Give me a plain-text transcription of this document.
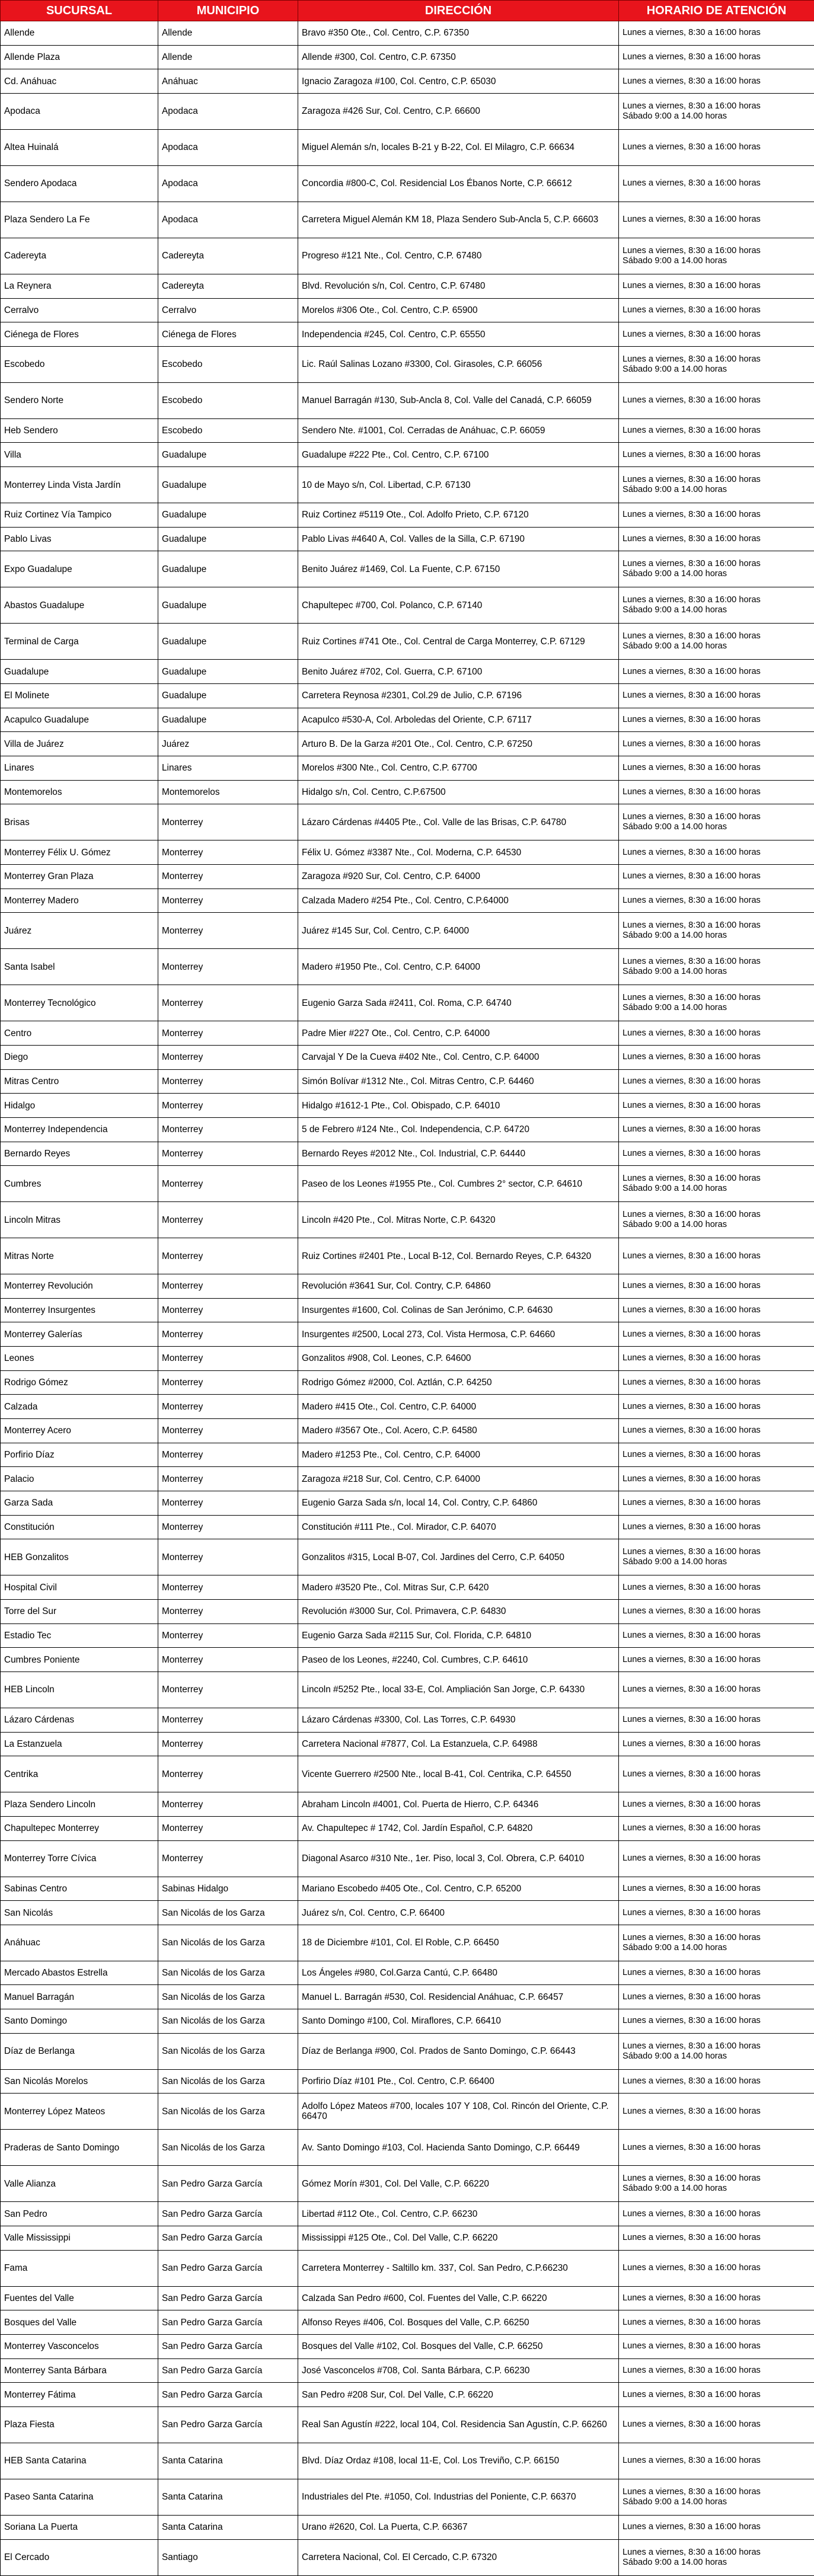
SUCURSAL	MUNICIPIO	DIRECCIÓN	HORARIO DE ATENCIÓN
Allende	Allende	Bravo #350 Ote., Col. Centro, C.P. 67350	Lunes a viernes, 8:30 a 16:00 horas

Allende Plaza	Allende	Allende #300, Col. Centro, C.P. 67350	Lunes a viernes, 8:30 a 16:00 horas

Cd. Anáhuac	Anáhuac	Ignacio Zaragoza #100, Col. Centro, C.P. 65030	Lunes a viernes, 8:30 a 16:00 horas

Apodaca	Apodaca	Zaragoza #426 Sur, Col. Centro, C.P. 66600	Lunes a viernes, 8:30 a 16:00 horas
Sábado 9:00 a 14.00 horas

Altea Huinalá	Apodaca	Miguel Alemán s/n, locales B-21 y B-22, Col. El Milagro, C.P. 66634	Lunes a viernes, 8:30 a 16:00 horas

Sendero Apodaca	Apodaca	Concordia #800-C, Col. Residencial Los Ébanos Norte, C.P. 66612	Lunes a viernes, 8:30 a 16:00 horas

Plaza Sendero La Fe	Apodaca	Carretera Miguel Alemán KM 18, Plaza Sendero Sub-Ancla 5, C.P. 66603	Lunes a viernes, 8:30 a 16:00 horas

Cadereyta	Cadereyta	Progreso #121 Nte., Col. Centro, C.P. 67480	Lunes a viernes, 8:30 a 16:00 horas
Sábado 9:00 a 14.00 horas

La Reynera	Cadereyta	Blvd. Revolución s/n, Col. Centro, C.P. 67480	Lunes a viernes, 8:30 a 16:00 horas

Cerralvo	Cerralvo	Morelos #306 Ote., Col. Centro, C.P. 65900	Lunes a viernes, 8:30 a 16:00 horas

Ciénega de Flores	Ciénega de Flores	Independencia #245, Col. Centro, C.P. 65550	Lunes a viernes, 8:30 a 16:00 horas

Escobedo	Escobedo	Lic. Raúl Salinas Lozano #3300, Col. Girasoles, C.P. 66056	Lunes a viernes, 8:30 a 16:00 horas
Sábado 9:00 a 14.00 horas

Sendero Norte	Escobedo	Manuel Barragán #130, Sub-Ancla 8, Col. Valle del Canadá, C.P. 66059	Lunes a viernes, 8:30 a 16:00 horas

Heb Sendero	Escobedo	Sendero Nte. #1001, Col. Cerradas de Anáhuac, C.P. 66059	Lunes a viernes, 8:30 a 16:00 horas

Villa	Guadalupe	Guadalupe #222 Pte., Col. Centro, C.P. 67100	Lunes a viernes, 8:30 a 16:00 horas

Monterrey Linda Vista Jardín	Guadalupe	10 de Mayo s/n, Col. Libertad, C.P. 67130	Lunes a viernes, 8:30 a 16:00 horas
Sábado 9:00 a 14.00 horas

Ruiz Cortinez Vía Tampico	Guadalupe	Ruiz Cortinez #5119 Ote., Col. Adolfo Prieto, C.P. 67120	Lunes a viernes, 8:30 a 16:00 horas

Pablo Livas	Guadalupe	Pablo Livas #4640 A, Col. Valles de la Silla, C.P. 67190	Lunes a viernes, 8:30 a 16:00 horas

Expo Guadalupe	Guadalupe	Benito Juárez #1469, Col. La Fuente, C.P. 67150	Lunes a viernes, 8:30 a 16:00 horas
Sábado 9:00 a 14.00 horas

Abastos Guadalupe	Guadalupe	Chapultepec #700, Col. Polanco, C.P. 67140	Lunes a viernes, 8:30 a 16:00 horas
Sábado 9:00 a 14.00 horas

Terminal de Carga	Guadalupe	Ruiz Cortines #741 Ote., Col. Central de Carga Monterrey, C.P. 67129	Lunes a viernes, 8:30 a 16:00 horas
Sábado 9:00 a 14.00 horas

Guadalupe	Guadalupe	Benito Juárez #702, Col. Guerra, C.P. 67100	Lunes a viernes, 8:30 a 16:00 horas

El Molinete	Guadalupe	Carretera Reynosa #2301, Col.29 de Julio, C.P. 67196	Lunes a viernes, 8:30 a 16:00 horas

Acapulco Guadalupe	Guadalupe	Acapulco #530-A, Col. Arboledas del Oriente, C.P. 67117	Lunes a viernes, 8:30 a 16:00 horas

Villa de Juárez	Juárez	Arturo B. De la Garza #201 Ote., Col. Centro, C.P. 67250	Lunes a viernes, 8:30 a 16:00 horas

Linares	Linares	Morelos #300 Nte., Col. Centro, C.P. 67700	Lunes a viernes, 8:30 a 16:00 horas

Montemorelos	Montemorelos	Hidalgo s/n, Col. Centro, C.P.67500	Lunes a viernes, 8:30 a 16:00 horas

Brisas	Monterrey	Lázaro Cárdenas #4405 Pte., Col. Valle de las Brisas, C.P. 64780	Lunes a viernes, 8:30 a 16:00 horas
Sábado 9:00 a 14.00 horas

Monterrey Félix U. Gómez	Monterrey	Félix U. Gómez #3387 Nte., Col. Moderna, C.P. 64530	Lunes a viernes, 8:30 a 16:00 horas

Monterrey Gran Plaza	Monterrey	Zaragoza #920 Sur, Col. Centro, C.P. 64000	Lunes a viernes, 8:30 a 16:00 horas

Monterrey Madero	Monterrey	Calzada Madero #254 Pte., Col. Centro, C.P.64000	Lunes a viernes, 8:30 a 16:00 horas

Juárez	Monterrey	Juárez #145 Sur, Col. Centro, C.P. 64000	Lunes a viernes, 8:30 a 16:00 horas
Sábado 9:00 a 14.00 horas

Santa Isabel	Monterrey	Madero #1950 Pte., Col. Centro, C.P. 64000	Lunes a viernes, 8:30 a 16:00 horas
Sábado 9:00 a 14.00 horas

Monterrey Tecnológico	Monterrey	Eugenio Garza Sada #2411, Col. Roma, C.P. 64740	Lunes a viernes, 8:30 a 16:00 horas
Sábado 9:00 a 14.00 horas

Centro	Monterrey	Padre Mier #227 Ote., Col. Centro, C.P. 64000	Lunes a viernes, 8:30 a 16:00 horas

Diego	Monterrey	Carvajal Y De la Cueva #402 Nte., Col. Centro, C.P. 64000	Lunes a viernes, 8:30 a 16:00 horas

Mitras Centro	Monterrey	Simón Bolívar #1312 Nte., Col. Mitras Centro, C.P. 64460	Lunes a viernes, 8:30 a 16:00 horas

Hidalgo	Monterrey	Hidalgo #1612-1 Pte., Col. Obispado, C.P. 64010	Lunes a viernes, 8:30 a 16:00 horas

Monterrey Independencia	Monterrey	5 de Febrero #124 Nte., Col. Independencia, C.P. 64720	Lunes a viernes, 8:30 a 16:00 horas

Bernardo Reyes	Monterrey	Bernardo Reyes #2012 Nte., Col. Industrial, C.P. 64440	Lunes a viernes, 8:30 a 16:00 horas

Cumbres	Monterrey	Paseo de los Leones #1955 Pte., Col. Cumbres 2° sector, C.P. 64610	Lunes a viernes, 8:30 a 16:00 horas
Sábado 9:00 a 14.00 horas

Lincoln Mitras	Monterrey	Lincoln #420 Pte., Col. Mitras Norte, C.P. 64320	Lunes a viernes, 8:30 a 16:00 horas
Sábado 9:00 a 14.00 horas

Mitras Norte	Monterrey	Ruiz Cortines #2401 Pte., Local B-12, Col. Bernardo Reyes, C.P. 64320	Lunes a viernes, 8:30 a 16:00 horas

Monterrey Revolución	Monterrey	Revolución #3641 Sur, Col. Contry, C.P. 64860	Lunes a viernes, 8:30 a 16:00 horas

Monterrey Insurgentes	Monterrey	Insurgentes #1600, Col. Colinas de San Jerónimo, C.P. 64630	Lunes a viernes, 8:30 a 16:00 horas

Monterrey Galerías	Monterrey	Insurgentes #2500, Local 273, Col. Vista Hermosa, C.P. 64660	Lunes a viernes, 8:30 a 16:00 horas

Leones	Monterrey	Gonzalitos #908, Col. Leones, C.P. 64600	Lunes a viernes, 8:30 a 16:00 horas

Rodrigo Gómez	Monterrey	Rodrigo Gómez #2000, Col. Aztlán, C.P. 64250	Lunes a viernes, 8:30 a 16:00 horas

Calzada	Monterrey	Madero #415 Ote., Col. Centro, C.P. 64000	Lunes a viernes, 8:30 a 16:00 horas

Monterrey Acero	Monterrey	Madero #3567 Ote., Col. Acero, C.P. 64580	Lunes a viernes, 8:30 a 16:00 horas

Porfirio Díaz	Monterrey	Madero #1253 Pte., Col. Centro, C.P. 64000	Lunes a viernes, 8:30 a 16:00 horas

Palacio	Monterrey	Zaragoza #218 Sur, Col. Centro, C.P. 64000	Lunes a viernes, 8:30 a 16:00 horas

Garza Sada	Monterrey	Eugenio Garza Sada s/n, local 14, Col. Contry, C.P. 64860	Lunes a viernes, 8:30 a 16:00 horas

Constitución	Monterrey	Constitución #111 Pte., Col. Mirador, C.P. 64070	Lunes a viernes, 8:30 a 16:00 horas

HEB Gonzalitos	Monterrey	Gonzalitos #315, Local B-07, Col. Jardines del Cerro, C.P. 64050	Lunes a viernes, 8:30 a 16:00 horas
Sábado 9:00 a 14.00 horas

Hospital Civil	Monterrey	Madero #3520 Pte., Col. Mitras Sur, C.P. 6420	Lunes a viernes, 8:30 a 16:00 horas

Torre del Sur	Monterrey	Revolución #3000 Sur, Col. Primavera, C.P. 64830	Lunes a viernes, 8:30 a 16:00 horas

Estadio Tec	Monterrey	Eugenio Garza Sada #2115 Sur, Col. Florida, C.P. 64810	Lunes a viernes, 8:30 a 16:00 horas

Cumbres Poniente	Monterrey	Paseo de los Leones, #2240, Col. Cumbres, C.P. 64610	Lunes a viernes, 8:30 a 16:00 horas

HEB Lincoln	Monterrey	Lincoln #5252 Pte., local 33-E, Col. Ampliación San Jorge, C.P. 64330	Lunes a viernes, 8:30 a 16:00 horas

Lázaro Cárdenas	Monterrey	Lázaro Cárdenas #3300, Col. Las Torres, C.P. 64930	Lunes a viernes, 8:30 a 16:00 horas

La Estanzuela	Monterrey	Carretera Nacional #7877, Col. La Estanzuela, C.P. 64988	Lunes a viernes, 8:30 a 16:00 horas

Centrika	Monterrey	Vicente Guerrero #2500 Nte., local B-41, Col. Centrika, C.P. 64550	Lunes a viernes, 8:30 a 16:00 horas

Plaza Sendero Lincoln	Monterrey	Abraham Lincoln #4001, Col. Puerta de Hierro, C.P. 64346	Lunes a viernes, 8:30 a 16:00 horas

Chapultepec Monterrey	Monterrey	Av. Chapultepec # 1742, Col. Jardín Español, C.P. 64820	Lunes a viernes, 8:30 a 16:00 horas

Monterrey Torre Cívica	Monterrey	Diagonal Asarco #310 Nte., 1er. Piso, local 3, Col. Obrera, C.P. 64010	Lunes a viernes, 8:30 a 16:00 horas

Sabinas Centro	Sabinas Hidalgo	Mariano Escobedo #405 Ote., Col. Centro, C.P. 65200	Lunes a viernes, 8:30 a 16:00 horas

San Nicolás	San Nicolás de los Garza	Juárez s/n, Col. Centro, C.P. 66400	Lunes a viernes, 8:30 a 16:00 horas

Anáhuac	San Nicolás de los Garza	18 de Diciembre #101, Col. El Roble, C.P. 66450	Lunes a viernes, 8:30 a 16:00 horas
Sábado 9:00 a 14.00 horas

Mercado Abastos Estrella	San Nicolás de los Garza	Los Ángeles #980, Col.Garza Cantú, C.P. 66480	Lunes a viernes, 8:30 a 16:00 horas

Manuel Barragán	San Nicolás de los Garza	Manuel L. Barragán #530, Col. Residencial Anáhuac, C.P. 66457	Lunes a viernes, 8:30 a 16:00 horas

Santo Domingo	San Nicolás de los Garza	Santo Domingo #100, Col. Miraflores, C.P. 66410	Lunes a viernes, 8:30 a 16:00 horas

Díaz de Berlanga	San Nicolás de los Garza	Díaz de Berlanga #900, Col. Prados de Santo Domingo, C.P. 66443	Lunes a viernes, 8:30 a 16:00 horas
Sábado 9:00 a 14.00 horas

San Nicolás Morelos	San Nicolás de los Garza	Porfirio Díaz #101 Pte., Col. Centro, C.P. 66400	Lunes a viernes, 8:30 a 16:00 horas

Monterrey López Mateos	San Nicolás de los Garza	Adolfo López Mateos #700, locales 107 Y 108, Col. Rincón del Oriente, C.P. 66470	Lunes a viernes, 8:30 a 16:00 horas

Praderas de Santo Domingo	San Nicolás de los Garza	Av. Santo Domingo #103, Col. Hacienda Santo Domingo, C.P. 66449	Lunes a viernes, 8:30 a 16:00 horas

Valle Alianza	San Pedro Garza García	Gómez Morín #301, Col. Del Valle, C.P. 66220	Lunes a viernes, 8:30 a 16:00 horas
Sábado 9:00 a 14.00 horas

San Pedro	San Pedro Garza García	Libertad #112 Ote., Col. Centro, C.P. 66230	Lunes a viernes, 8:30 a 16:00 horas

Valle Mississippi	San Pedro Garza García	Mississippi #125 Ote., Col. Del Valle, C.P. 66220	Lunes a viernes, 8:30 a 16:00 horas

Fama	San Pedro Garza García	Carretera Monterrey - Saltillo km. 337, Col. San Pedro, C.P.66230	Lunes a viernes, 8:30 a 16:00 horas

Fuentes del Valle	San Pedro Garza García	Calzada San Pedro #600, Col. Fuentes del Valle, C.P. 66220	Lunes a viernes, 8:30 a 16:00 horas

Bosques del Valle	San Pedro Garza García	Alfonso Reyes #406, Col. Bosques del Valle, C.P. 66250	Lunes a viernes, 8:30 a 16:00 horas

Monterrey Vasconcelos	San Pedro Garza García	Bosques del Valle #102, Col. Bosques del Valle, C.P. 66250	Lunes a viernes, 8:30 a 16:00 horas

Monterrey Santa Bárbara	San Pedro Garza García	José Vasconcelos #708, Col. Santa Bárbara, C.P. 66230	Lunes a viernes, 8:30 a 16:00 horas

Monterrey Fátima	San Pedro Garza García	San Pedro #208 Sur, Col. Del Valle, C.P. 66220	Lunes a viernes, 8:30 a 16:00 horas

Plaza Fiesta	San Pedro Garza García	Real San Agustín #222, local 104, Col. Residencia San Agustín, C.P. 66260	Lunes a viernes, 8:30 a 16:00 horas

HEB Santa Catarina	Santa Catarina	Blvd. Díaz Ordaz #108, local 11-E, Col. Los Treviño, C.P. 66150	Lunes a viernes, 8:30 a 16:00 horas

Paseo Santa Catarina	Santa Catarina	Industriales del Pte. #1050, Col. Industrias del Poniente, C.P. 66370	Lunes a viernes, 8:30 a 16:00 horas
Sábado 9:00 a 14.00 horas

Soriana La Puerta	Santa Catarina	Urano #2620, Col. La Puerta, C.P. 66367	Lunes a viernes, 8:30 a 16:00 horas

El Cercado	Santiago	Carretera Nacional, Col. El Cercado, C.P. 67320	Lunes a viernes, 8:30 a 16:00 horas
Sábado 9:00 a 14.00 horas
